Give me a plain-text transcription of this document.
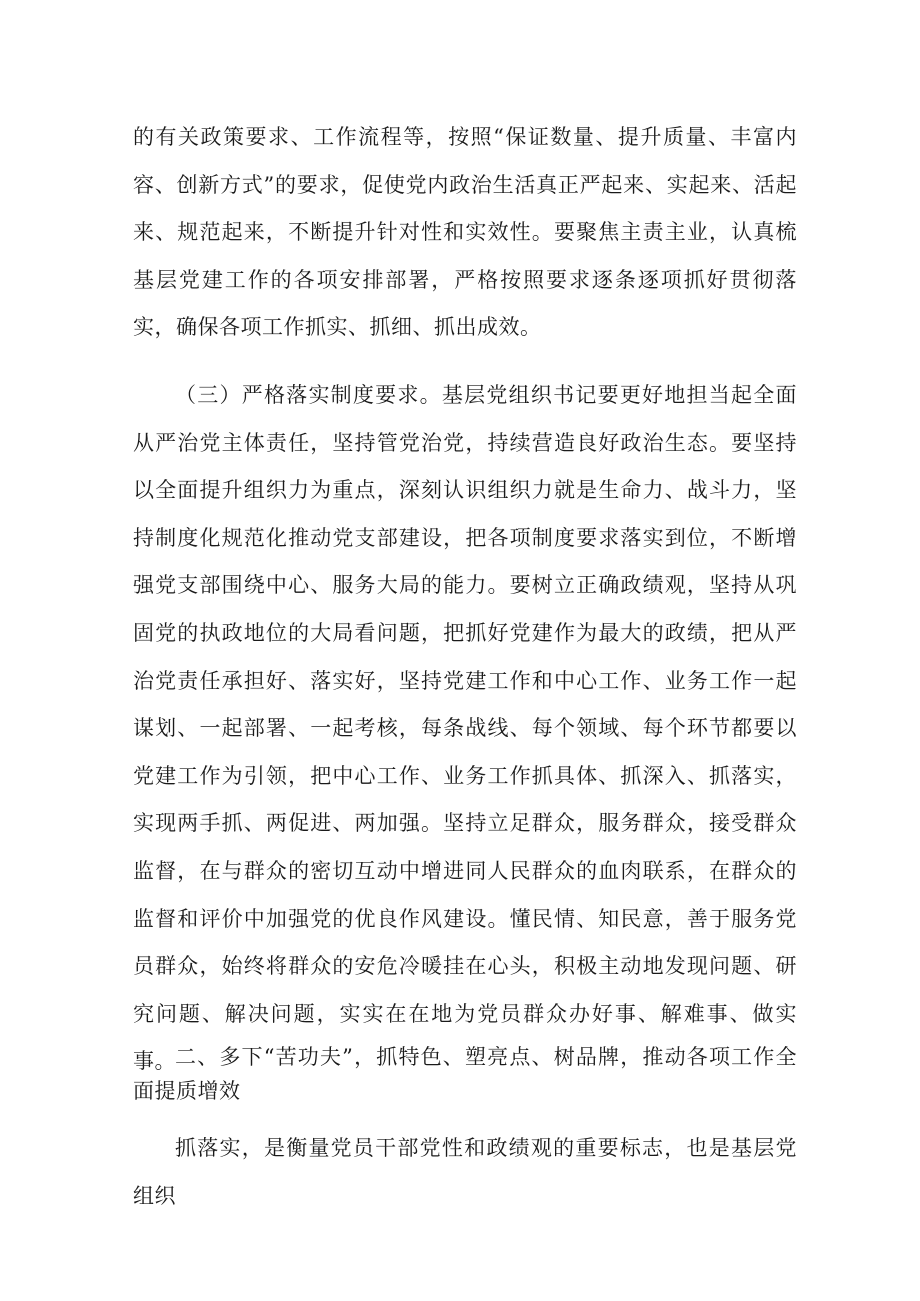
的有关政策要求、工作流程等，按照“保证数量、提升质量、丰富内容、创新方式”的要求，促使党内政治生活真正严起来、实起来、活起来、规范起来，不断提升针对性和实效性。要聚焦主责主业，认真梳基层党建工作的各项安排部署，严格按照要求逐条逐项抓好贯彻落实，确保各项工作抓实、抓细、抓出成效。

（三）严格落实制度要求。基层党组织书记要更好地担当起全面从严治党主体责任，坚持管党治党，持续营造良好政治生态。要坚持以全面提升组织力为重点，深刻认识组织力就是生命力、战斗力，坚持制度化规范化推动党支部建设，把各项制度要求落实到位，不断增强党支部围绕中心、服务大局的能力。要树立正确政绩观，坚持从巩固党的执政地位的大局看问题，把抓好党建作为最大的政绩，把从严治党责任承担好、落实好，坚持党建工作和中心工作、业务工作一起谋划、一起部署、一起考核，每条战线、每个领域、每个环节都要以党建工作为引领，把中心工作、业务工作抓具体、抓深入、抓落实，实现两手抓、两促进、两加强。坚持立足群众，服务群众，接受群众监督，在与群众的密切互动中增进同人民群众的血肉联系，在群众的监督和评价中加强党的优良作风建设。懂民情、知民意，善于服务党员群众，始终将群众的安危冷暖挂在心头，积极主动地发现问题、研究问题、解决问题，实实在在地为党员群众办好事、解难事、做实事。 二、多下“苦功夫”，抓特色、塑亮点、树品牌，推动各项工作全面提质增效

抓落实，是衡量党员干部党性和政绩观的重要标志，也是基层党组织
